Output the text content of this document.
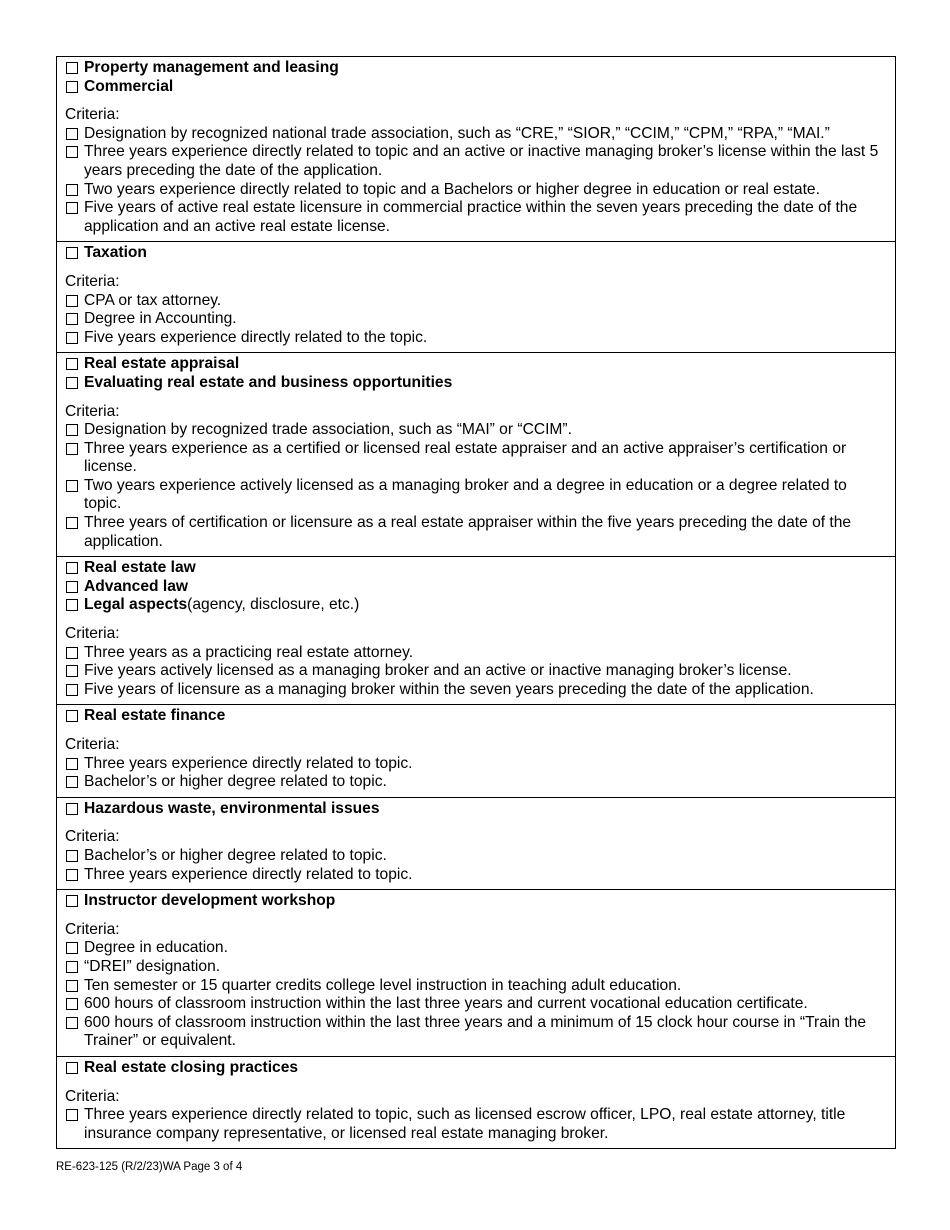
Property management and leasing
Commercial
Criteria:
Designation by recognized national trade association, such as “CRE,” “SIOR,” “CCIM,” “CPM,” “RPA,” “MAI.”
Three years experience directly related to topic and an active or inactive managing broker’s license within the last 5 years preceding the date of the application.
Two years experience directly related to topic and a Bachelors or higher degree in education or real estate.
Five years of active real estate licensure in commercial practice within the seven years preceding the date of the application and an active real estate license.
Taxation
Criteria:
CPA or tax attorney.
Degree in Accounting.
Five years experience directly related to the topic.
Real estate appraisal
Evaluating real estate and business opportunities
Criteria:
Designation by recognized trade association, such as “MAI” or “CCIM”.
Three years experience as a certified or licensed real estate appraiser and an active appraiser’s certification or license.
Two years experience actively licensed as a managing broker and a degree in education or a degree related to topic.
Three years of certification or licensure as a real estate appraiser within the five years preceding the date of the application.
Real estate law
Advanced law
Legal aspects (agency, disclosure, etc.)
Criteria:
Three years as a practicing real estate attorney.
Five years actively licensed as a managing broker and an active or inactive managing broker’s license.
Five years of licensure as a managing broker within the seven years preceding the date of the application.
Real estate finance
Criteria:
Three years experience directly related to topic.
Bachelor’s or higher degree related to topic.
Hazardous waste, environmental issues
Criteria:
Bachelor’s or higher degree related to topic.
Three years experience directly related to topic.
Instructor development workshop
Criteria:
Degree in education.
“DREI” designation.
Ten semester or 15 quarter credits college level instruction in teaching adult education.
600 hours of classroom instruction within the last three years and current vocational education certificate.
600 hours of classroom instruction within the last three years and a minimum of 15 clock hour course in “Train the Trainer” or equivalent.
Real estate closing practices
Criteria:
Three years experience directly related to topic, such as licensed escrow officer, LPO, real estate attorney, title insurance company representative, or licensed real estate managing broker.
RE-623-125 (R/2/23)WA Page 3 of 4
